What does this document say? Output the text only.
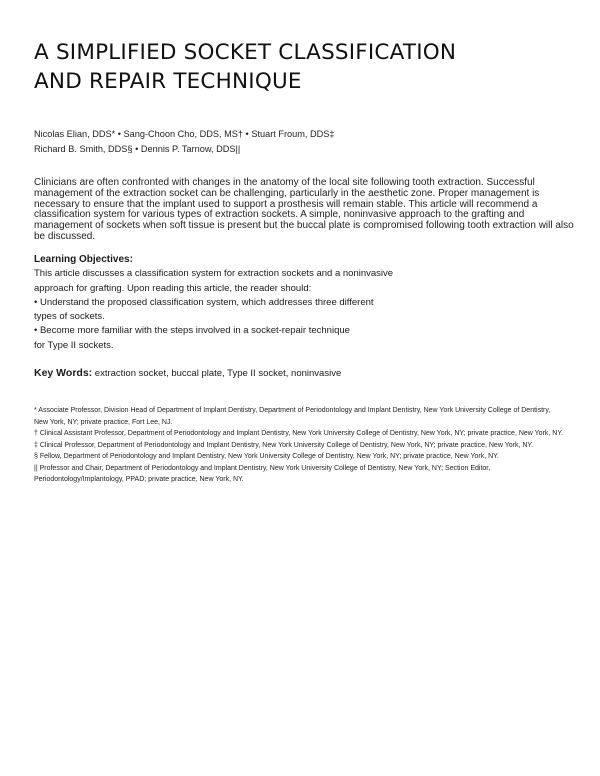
A SIMPLIFIED SOCKET CLASSIFICATION
AND REPAIR TECHNIQUE
Nicolas Elian, DDS* • Sang-Choon Cho, DDS, MS† • Stuart Froum, DDS‡
Richard B. Smith, DDS§ • Dennis P. Tarnow, DDS||

Clinicians are often confronted with changes in the anatomy of the local site following tooth extraction. Successful management of the extraction socket can be challenging, particularly in the aesthetic zone. Proper management is necessary to ensure that the implant used to support a prosthesis will remain stable. This article will recommend a classification system for various types of extraction sockets. A simple, noninvasive approach to the grafting and management of sockets when soft tissue is present but the buccal plate is compromised following tooth extraction will also be discussed.

Learning Objectives:
This article discusses a classification system for extraction sockets and a noninvasive
approach for grafting. Upon reading this article, the reader should:
• Understand the proposed classification system, which addresses three different
types of sockets.
• Become more familiar with the steps involved in a socket-repair technique
for Type II sockets.
Key Words: extraction socket, buccal plate, Type II socket, noninvasive

* Associate Professor, Division Head of Department of Implant Dentistry, Department of Periodontology and Implant Dentistry, New York University College of Dentistry, New York, NY; private practice, Fort Lee, NJ.

† Clinical Assistant Professor, Department of Periodontology and Implant Dentistry, New York University College of Dentistry, New York, NY; private practice, New York, NY.

‡ Clinical Professor, Department of Periodontology and Implant Dentistry, New York University College of Dentistry, New York, NY; private practice, New York, NY.

§ Fellow, Department of Periodontology and Implant Dentistry, New York University College of Dentistry, New York, NY; private practice, New York, NY.

|| Professor and Chair, Department of Periodontology and Implant Dentistry, New York University College of Dentistry, New York, NY; Section Editor,

Periodontology/Implantology, PPAD; private practice, New York, NY.
